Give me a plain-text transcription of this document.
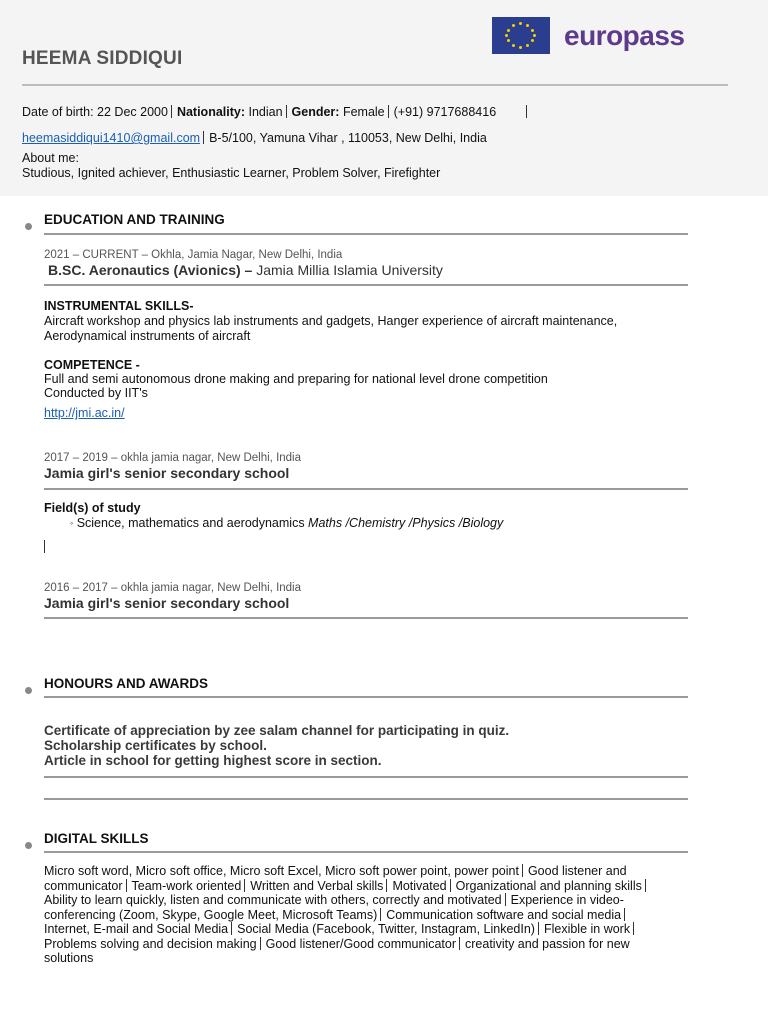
HEEMA SIDDIQUI
europass
Date of birth: 22 Dec 2000 Nationality: Indian Gender: Female (+91) 9717688416
heemasiddiqui1410@gmail.com B-5/100, Yamuna Vihar , 110053, New Delhi, India
About me:
Studious, Ignited achiever, Enthusiastic Learner, Problem Solver, Firefighter
EDUCATION AND TRAINING
2021 – CURRENT – Okhla, Jamia Nagar, New Delhi, India
B.SC. Aeronautics (Avionics) – Jamia Millia Islamia University
INSTRUMENTAL SKILLS-
Aircraft workshop and physics lab instruments and gadgets, Hanger experience of aircraft maintenance, Aerodynamical instruments of aircraft
COMPETENCE -
Full and semi autonomous drone making and preparing for national level drone competition
Conducted by IIT's
http://jmi.ac.in/
2017 – 2019 – okhla jamia nagar, New Delhi, India
Jamia girl's senior secondary school
Field(s) of study
◦ Science, mathematics and aerodynamics Maths /Chemistry /Physics /Biology
2016 – 2017 – okhla jamia nagar, New Delhi, India
Jamia girl's senior secondary school
HONOURS AND AWARDS
Certificate of appreciation by zee salam channel for participating in quiz.
Scholarship certificates by school.
Article in school for getting highest score in section.
DIGITAL SKILLS
Micro soft word, Micro soft office, Micro soft Excel, Micro soft power point, power point Good listener and communicator Team-work oriented Written and Verbal skills Motivated Organizational and planning skillsAbility to learn quickly, listen and communicate with others, correctly and motivated Experience in video-conferencing (Zoom, Skype, Google Meet, Microsoft Teams) Communication software and social mediaInternet, E-mail and Social Media Social Media (Facebook, Twitter, Instagram, LinkedIn) Flexible in workProblems solving and decision making Good listener/Good communicator creativity and passion for new solutions
